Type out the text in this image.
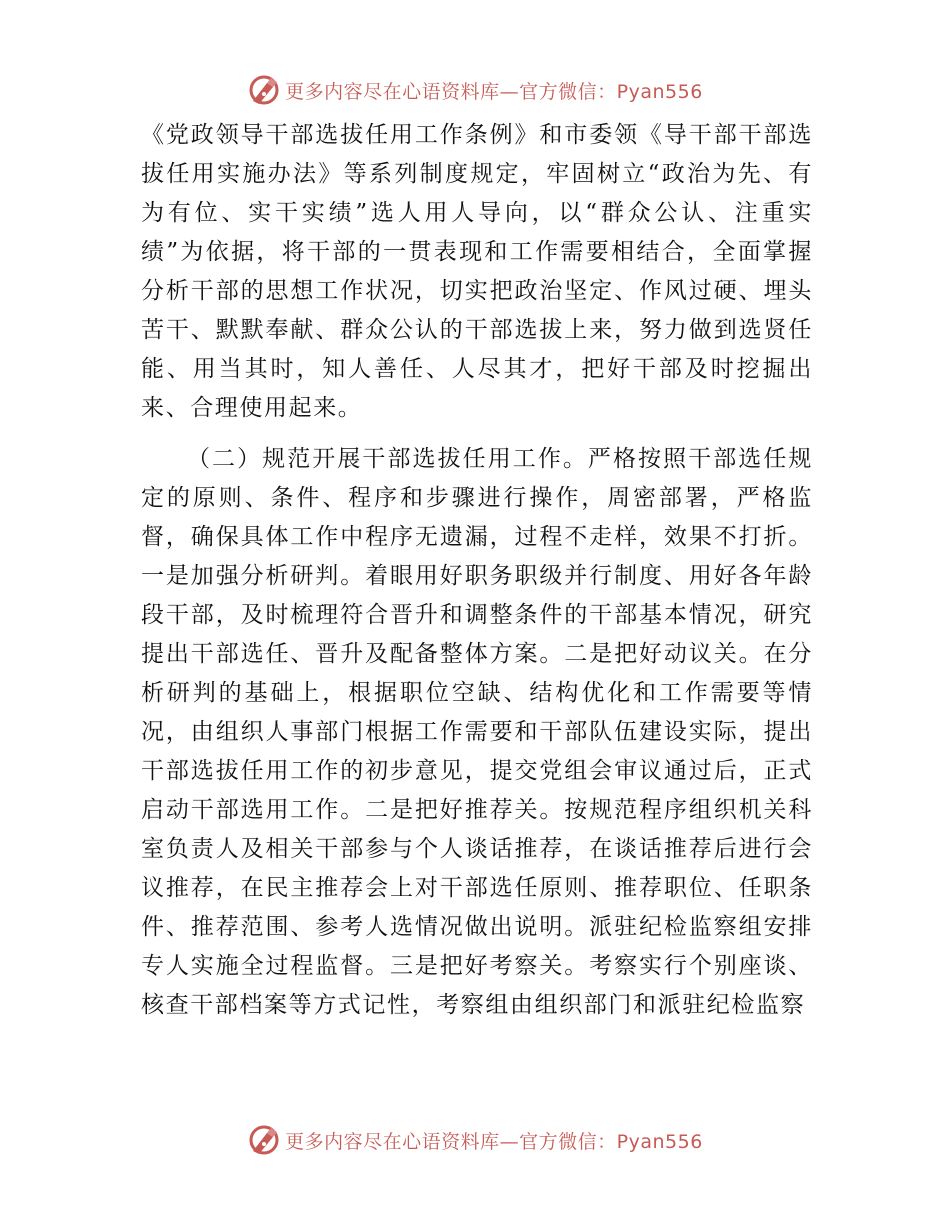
更多内容尽在心语资料库—官方微信：Pyan556

《党政领导干部选拔任用工作条例》和市委领《导干部干部选拔任用实施办法》等系列制度规定，牢固树立“政治为先、有为有位、实干实绩”选人用人导向，以“群众公认、注重实绩”为依据，将干部的一贯表现和工作需要相结合，全面掌握分析干部的思想工作状况，切实把政治坚定、作风过硬、埋头苦干、默默奉献、群众公认的干部选拔上来，努力做到选贤任能、用当其时，知人善任、人尽其才，把好干部及时挖掘出来、合理使用起来。

（二）规范开展干部选拔任用工作。严格按照干部选任规定的原则、条件、程序和步骤进行操作，周密部署，严格监督，确保具体工作中程序无遗漏，过程不走样，效果不打折。一是加强分析研判。着眼用好职务职级并行制度、用好各年龄段干部，及时梳理符合晋升和调整条件的干部基本情况，研究提出干部选任、晋升及配备整体方案。二是把好动议关。在分析研判的基础上，根据职位空缺、结构优化和工作需要等情况，由组织人事部门根据工作需要和干部队伍建设实际，提出干部选拔任用工作的初步意见，提交党组会审议通过后，正式启动干部选用工作。二是把好推荐关。按规范程序组织机关科室负责人及相关干部参与个人谈话推荐，在谈话推荐后进行会议推荐，在民主推荐会上对干部选任原则、推荐职位、任职条件、推荐范围、参考人选情况做出说明。派驻纪检监察组安排专人实施全过程监督。三是把好考察关。考察实行个别座谈、核查干部档案等方式记性，考察组由组织部门和派驻纪检监察

更多内容尽在心语资料库—官方微信：Pyan556
